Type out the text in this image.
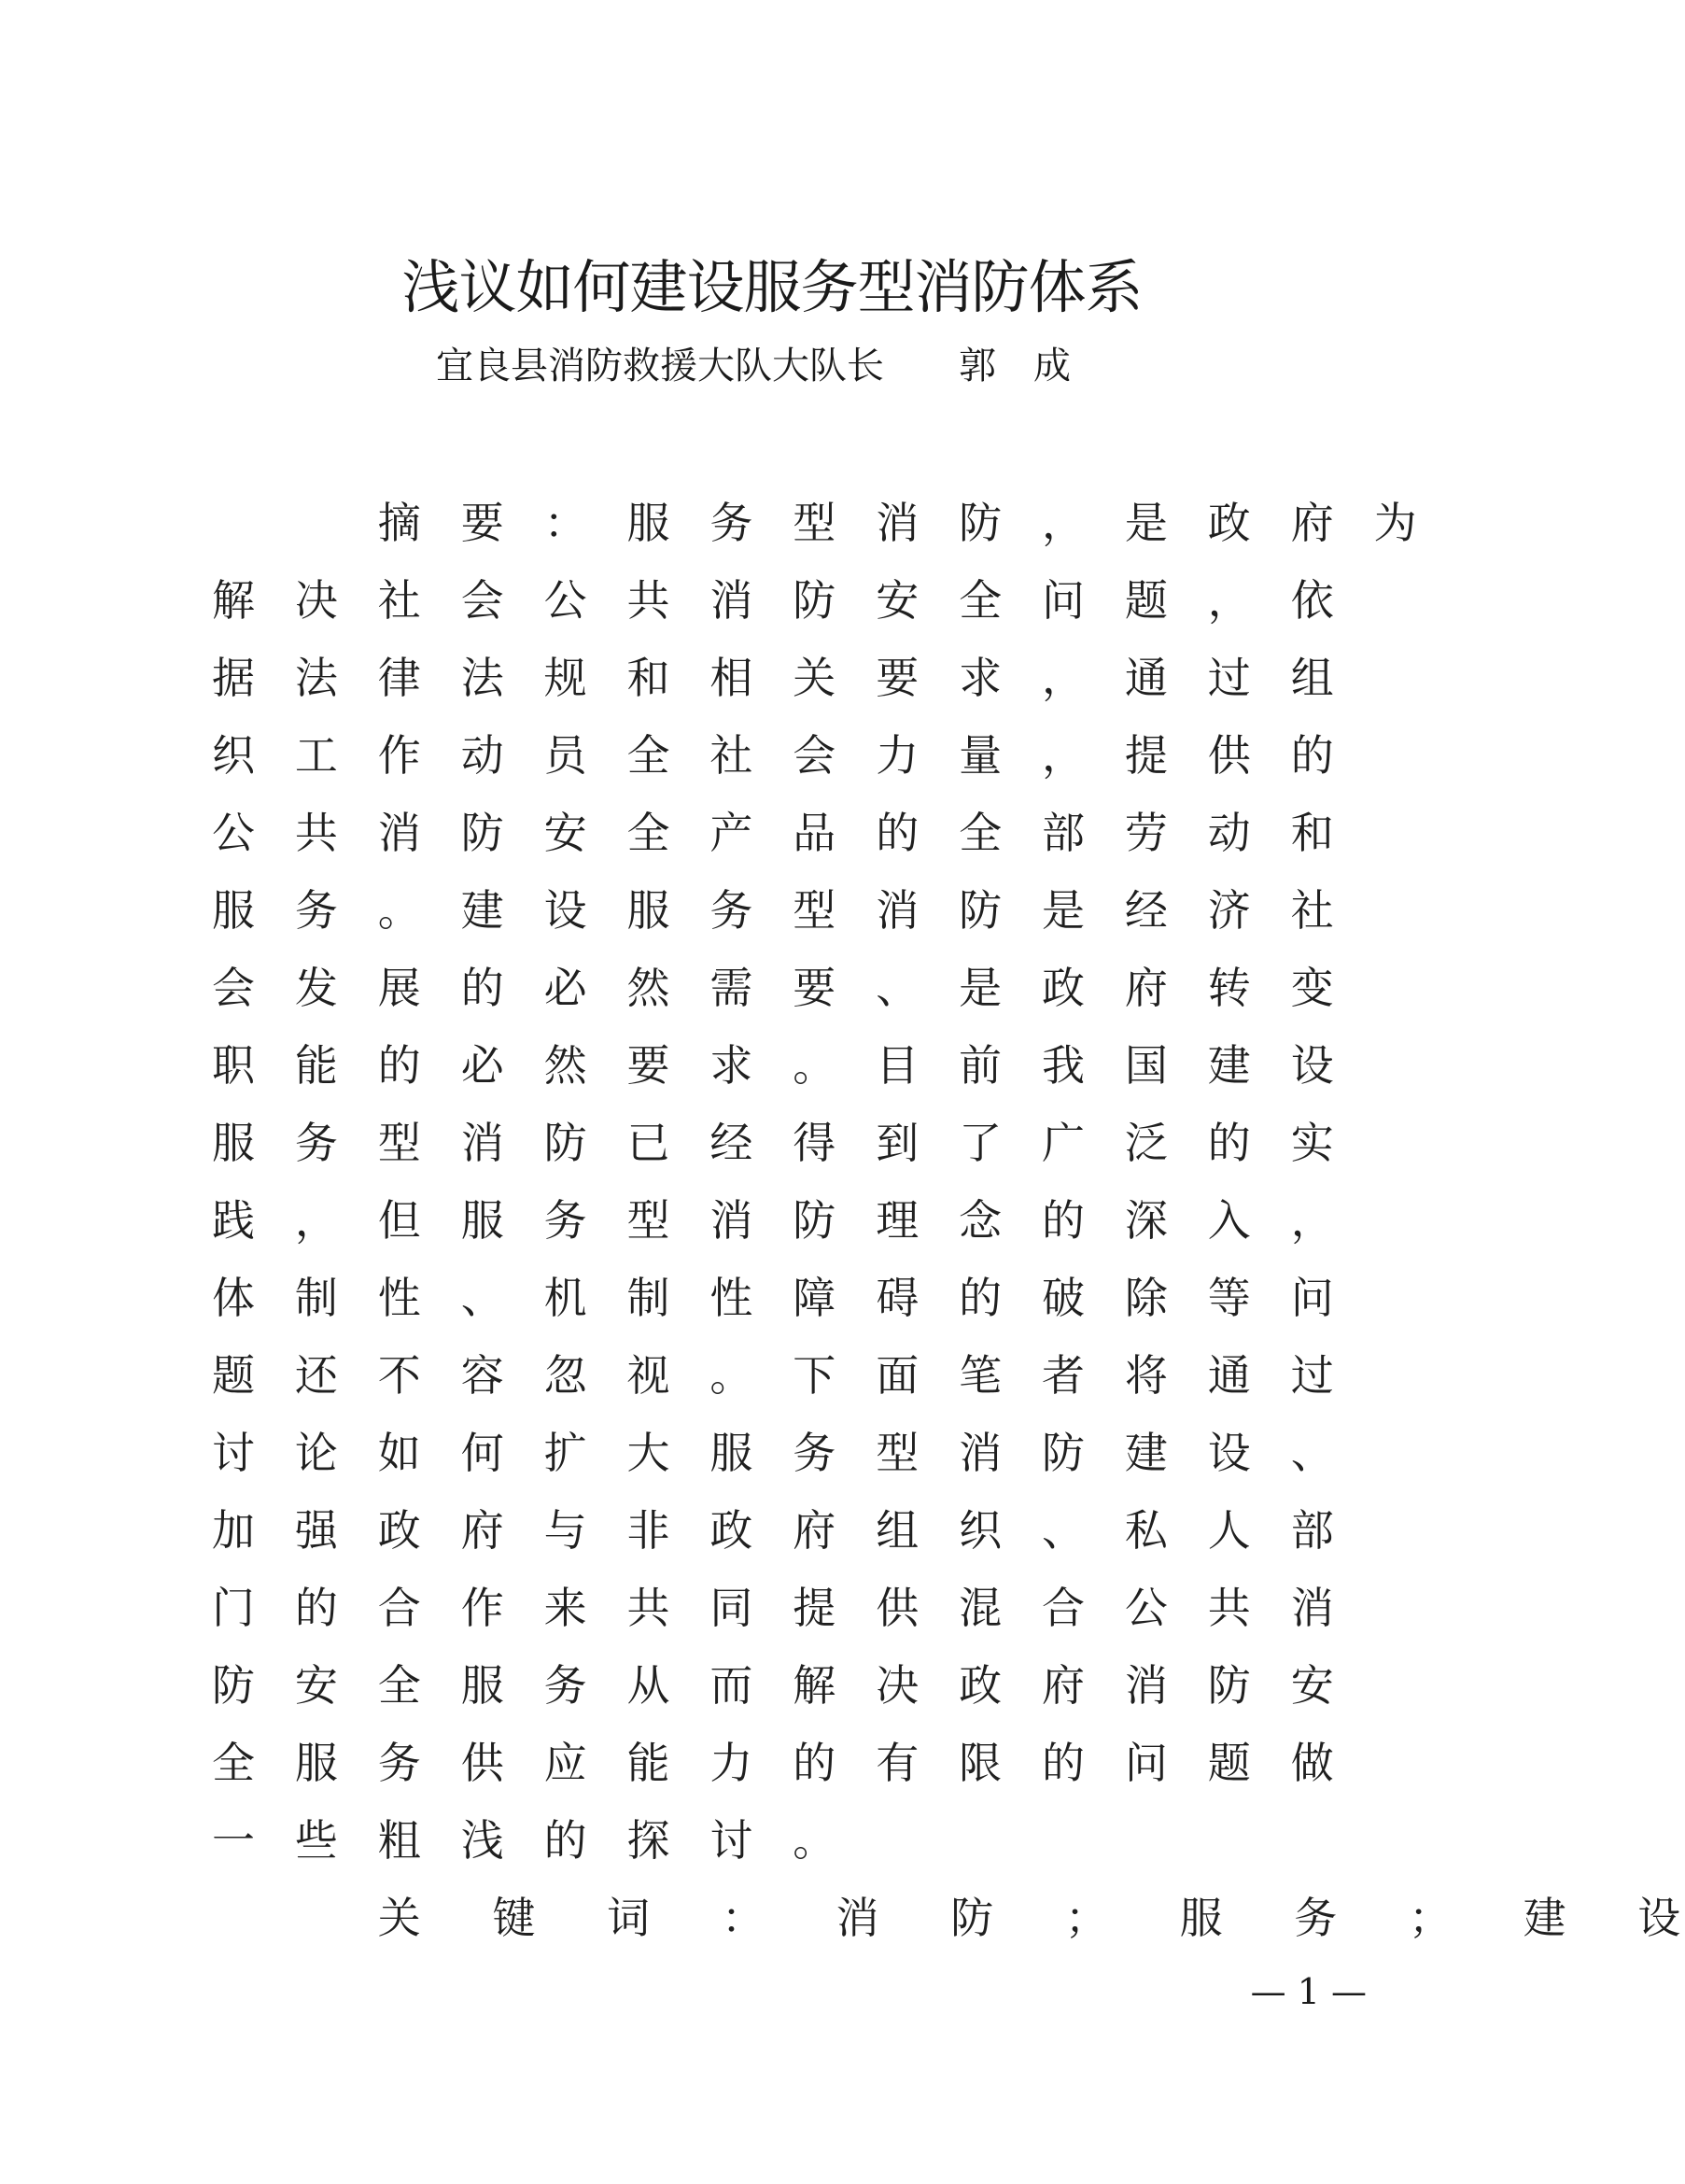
浅议如何建设服务型消防体系
宜良县消防救援大队大队长 郭成
摘 要 ： 服 务 型 消 防 ， 是 政 府 为
解 决 社 会 公 共 消 防 安 全 问 题 ， 依
据 法 律 法 规 和 相 关 要 求 ， 通 过 组
织 工 作 动 员 全 社 会 力 量 ， 提 供 的
公 共 消 防 安 全 产 品 的 全 部 劳 动 和
服 务 。 建 设 服 务 型 消 防 是 经 济 社
会 发 展 的 必 然 需 要 、 是 政 府 转 变
职 能 的 必 然 要 求 。 目 前 我 国 建 设
服 务 型 消 防 已 经 得 到 了 广 泛 的 实
践 ， 但 服 务 型 消 防 理 念 的 深 入 ，
体 制 性 、 机 制 性 障 碍 的 破 除 等 问
题 还 不 容 忽 视 。 下 面 笔 者 将 通 过
讨 论 如 何 扩 大 服 务 型 消 防 建 设 、
加 强 政 府 与 非 政 府 组 织 、 私 人 部
门 的 合 作 来 共 同 提 供 混 合 公 共 消
防 安 全 服 务 从 而 解 决 政 府 消 防 安
全 服 务 供 应 能 力 的 有 限 的 问 题 做
一 些 粗 浅 的 探 讨 。
关 键 词 ： 消 防 ； 服 务 ； 建 设
— 1 —
